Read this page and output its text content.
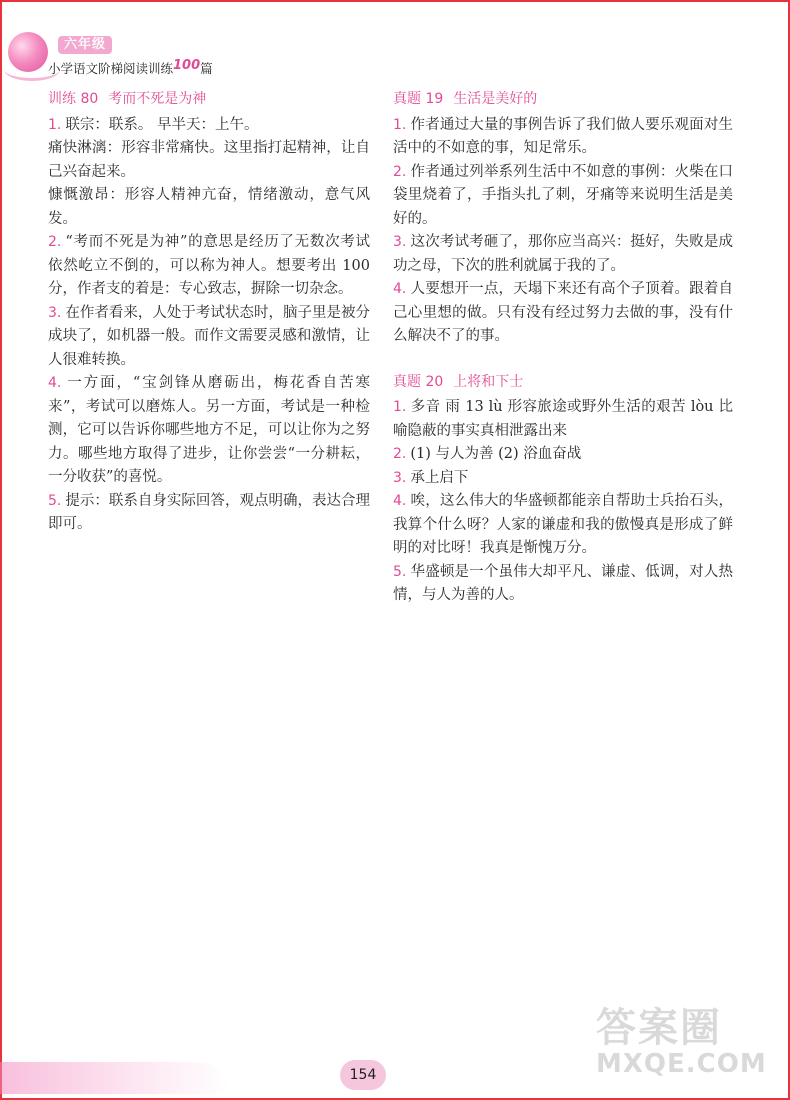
六年级
小学语文阶梯阅读训练100篇
训练 80 考而不死是为神

1. 联宗：联系。 早半天：上午。

痛快淋漓：形容非常痛快。这里指打起精神，让自己兴奋起来。

慷慨激昂：形容人精神亢奋，情绪激动，意气风发。

2. “考而不死是为神”的意思是经历了无数次考试依然屹立不倒的，可以称为神人。想要考出 100 分，作者支的着是：专心致志，摒除一切杂念。

3. 在作者看来，人处于考试状态时，脑子里是被分成块了，如机器一般。而作文需要灵感和激情，让人很难转换。

4. 一方面，“宝剑锋从磨砺出，梅花香自苦寒来”，考试可以磨炼人。另一方面，考试是一种检测，它可以告诉你哪些地方不足，可以让你为之努力。哪些地方取得了进步，让你尝尝“一分耕耘，一分收获”的喜悦。

5. 提示：联系自身实际回答，观点明确，表达合理即可。

真题 19 生活是美好的

1. 作者通过大量的事例告诉了我们做人要乐观面对生活中的不如意的事，知足常乐。

2. 作者通过列举系列生活中不如意的事例：火柴在口袋里烧着了，手指头扎了刺，牙痛等来说明生活是美好的。

3. 这次考试考砸了，那你应当高兴：挺好，失败是成功之母，下次的胜利就属于我的了。

4. 人要想开一点，天塌下来还有高个子顶着。跟着自己心里想的做。只有没有经过努力去做的事，没有什么解决不了的事。

真题 20 上将和下士

1. 多音 雨 13 lù 形容旅途或野外生活的艰苦 lòu 比喻隐蔽的事实真相泄露出来

2. (1) 与人为善 (2) 浴血奋战

3. 承上启下

4. 唉，这么伟大的华盛顿都能亲自帮助士兵抬石头，我算个什么呀？人家的谦虚和我的傲慢真是形成了鲜明的对比呀！我真是惭愧万分。

5. 华盛顿是一个虽伟大却平凡、谦虚、低调，对人热情，与人为善的人。

154
答案圈
MXQE.COM
